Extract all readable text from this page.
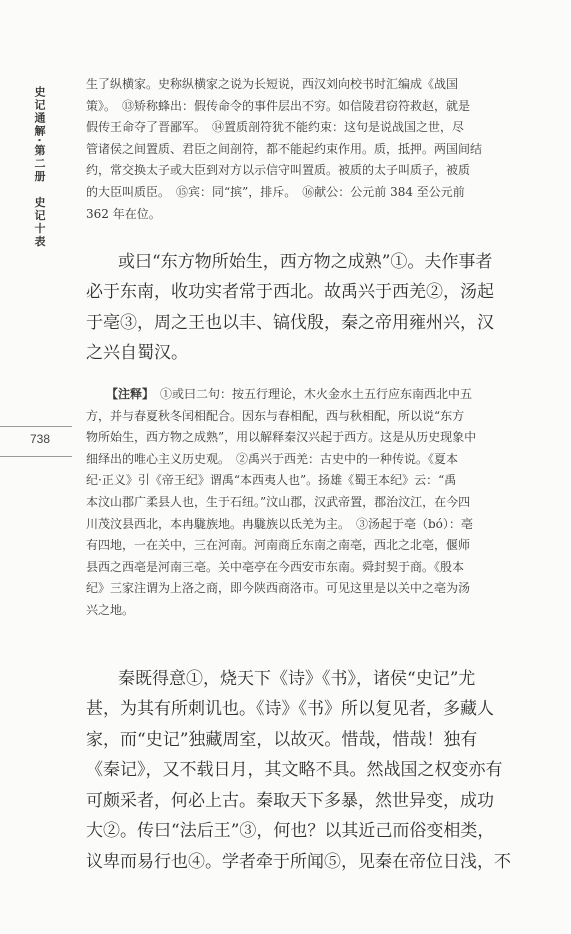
史记通解·第二册　史记十表
738

生了纵横家。史称纵横家之说为长短说，西汉刘向校书时汇编成《战国

策》。　⑬矫称蜂出：假传命令的事件层出不穷。如信陵君窃符救赵，就是

假传王命夺了晋鄙军。　⑭置质剖符犹不能约束：这句是说战国之世，尽

管诸侯之间置质、君臣之间剖符，都不能起约束作用。质，抵押。两国间结

约，常交换太子或大臣到对方以示信守叫置质。被质的太子叫质子，被质

的大臣叫质臣。　⑮宾：同“摈”，排斥。　⑯献公：公元前 384 至公元前

362 年在位。

或曰“东方物所始生，西方物之成熟”①。夫作事者

必于东南，收功实者常于西北。故禹兴于西羌②，汤起

于亳③，周之王也以丰、镐伐殷，秦之帝用雍州兴，汉

之兴自蜀汉。

【注释】 ①或曰二句：按五行理论，木火金水土五行应东南西北中五

方，并与春夏秋冬闰相配合。因东与春相配，西与秋相配，所以说“东方

物所始生，西方物之成熟”，用以解释秦汉兴起于西方。这是从历史现象中

细绎出的唯心主义历史观。　②禹兴于西羌：古史中的一种传说。《夏本

纪·正义》引《帝王纪》谓禹“本西夷人也”。扬雄《蜀王本纪》云：“禹

本汶山郡广柔县人也，生于石纽。”汶山郡，汉武帝置，郡治汶江，在今四

川茂汶县西北，本冉駹族地。冉駹族以氐羌为主。　③汤起于亳（bó）：亳

有四地，一在关中，三在河南。河南商丘东南之南亳，西北之北亳，偃师

县西之西亳是河南三亳。关中亳亭在今西安市东南。舜封契于商。《殷本

纪》三家注谓为上洛之商，即今陕西商洛市。可见这里是以关中之亳为汤

兴之地。

秦既得意①，烧天下《诗》《书》，诸侯“史记”尤

甚，为其有所刺讥也。《诗》《书》所以复见者，多藏人

家，而“史记”独藏周室，以故灭。惜哉，惜哉！独有

《秦记》，又不载日月，其文略不具。然战国之权变亦有

可颇采者，何必上古。秦取天下多暴，然世异变，成功

大②。传曰“法后王”③，何也？以其近己而俗变相类，

议卑而易行也④。学者牵于所闻⑤，见秦在帝位日浅，不
